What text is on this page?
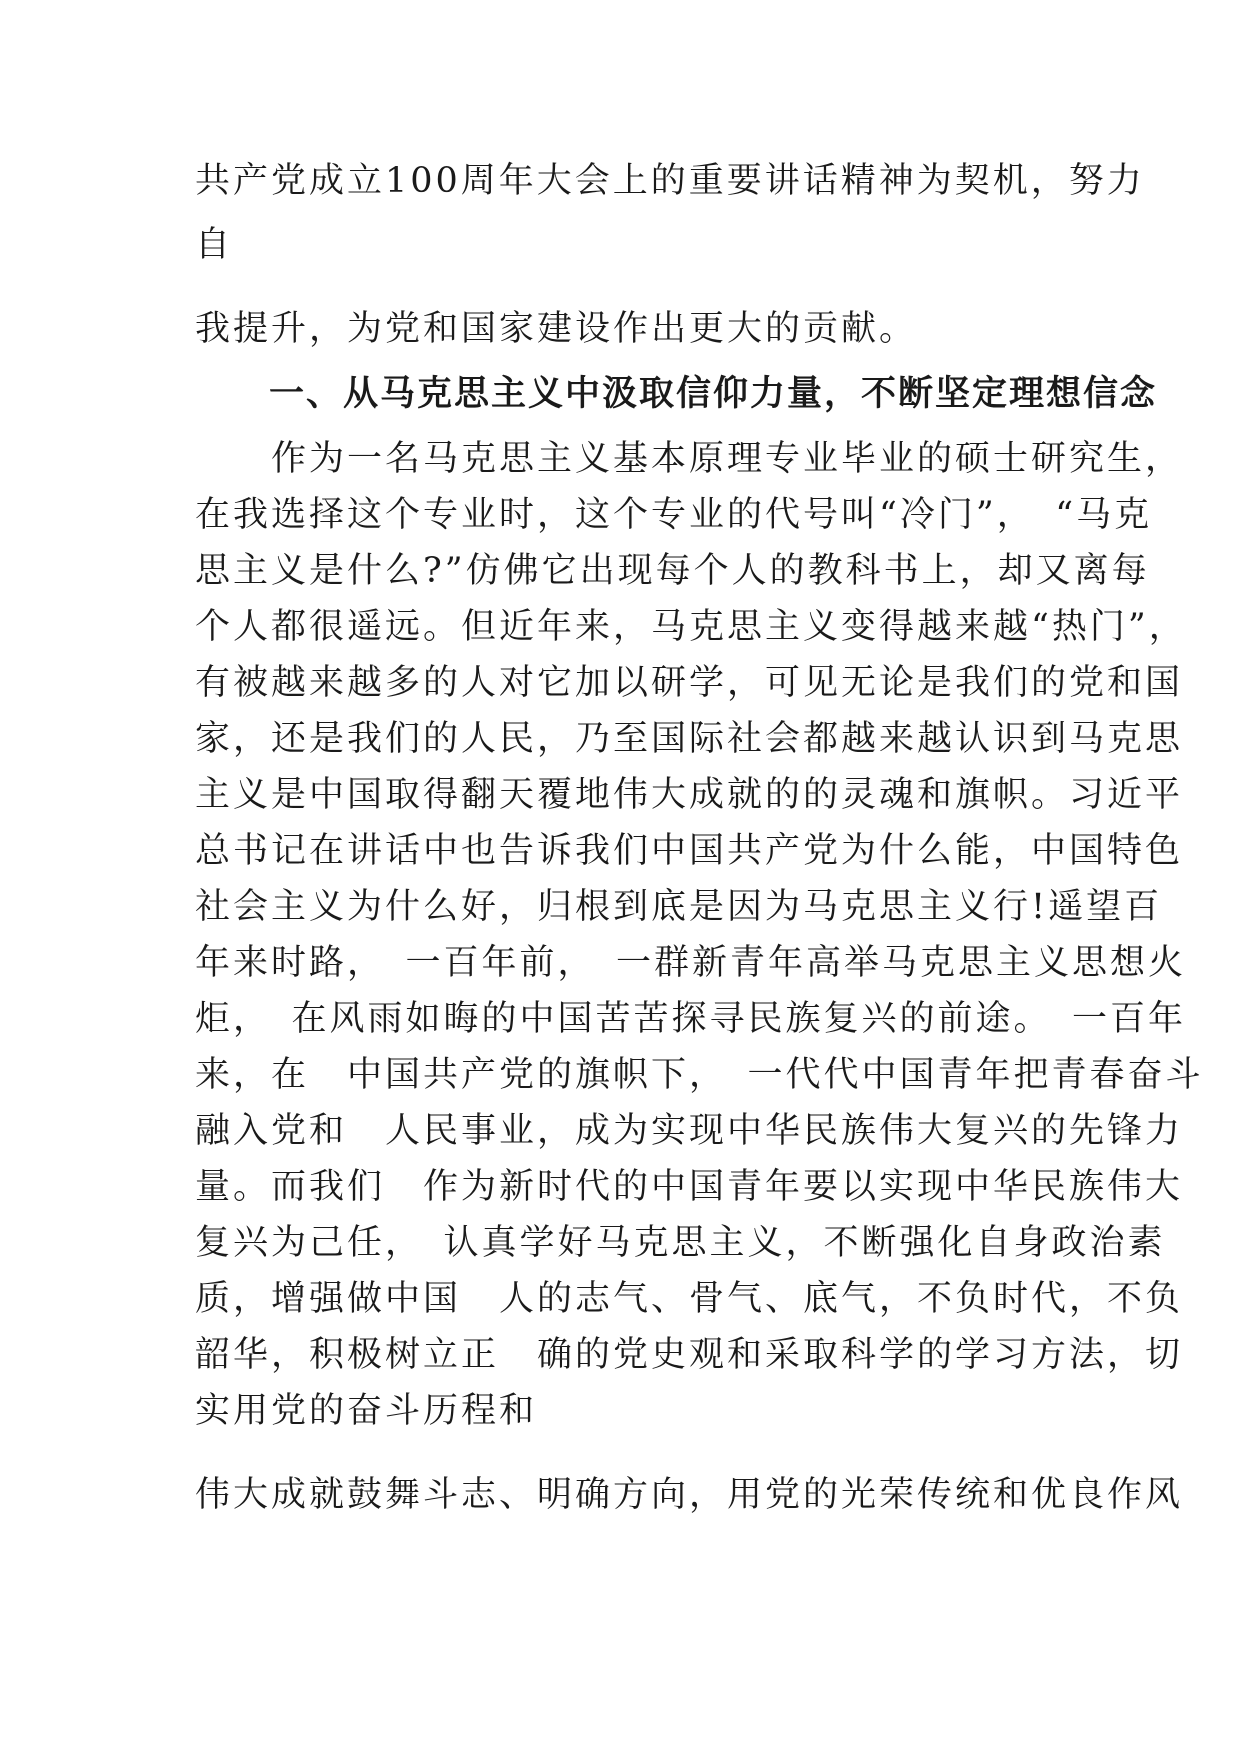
共产党成立100周年大会上的重要讲话精神为契机，努力
自
我提升，为党和国家建设作出更大的贡献。
　　一、从马克思主义中汲取信仰力量，不断坚定理想信念
　　作为一名马克思主义基本原理专业毕业的硕士研究生，
在我选择这个专业时，这个专业的代号叫“冷门”，　“马克
思主义是什么?”仿佛它出现每个人的教科书上，却又离每
个人都很遥远。但近年来，马克思主义变得越来越“热门”，
有被越来越多的人对它加以研学，可见无论是我们的党和国
家，还是我们的人民，乃至国际社会都越来越认识到马克思
主义是中国取得翻天覆地伟大成就的的灵魂和旗帜。习近平
总书记在讲话中也告诉我们中国共产党为什么能，中国特色
社会主义为什么好，归根到底是因为马克思主义行!遥望百
年来时路，　一百年前，　一群新青年高举马克思主义思想火
炬，　在风雨如晦的中国苦苦探寻民族复兴的前途。　一百年
来，在　中国共产党的旗帜下，　一代代中国青年把青春奋斗
融入党和　人民事业，成为实现中华民族伟大复兴的先锋力
量。而我们　作为新时代的中国青年要以实现中华民族伟大
复兴为己任，　认真学好马克思主义，不断强化自身政治素
质，增强做中国　人的志气、骨气、底气，不负时代，不负
韶华，积极树立正　确的党史观和采取科学的学习方法，切
实用党的奋斗历程和
伟大成就鼓舞斗志、明确方向，用党的光荣传统和优良作风
